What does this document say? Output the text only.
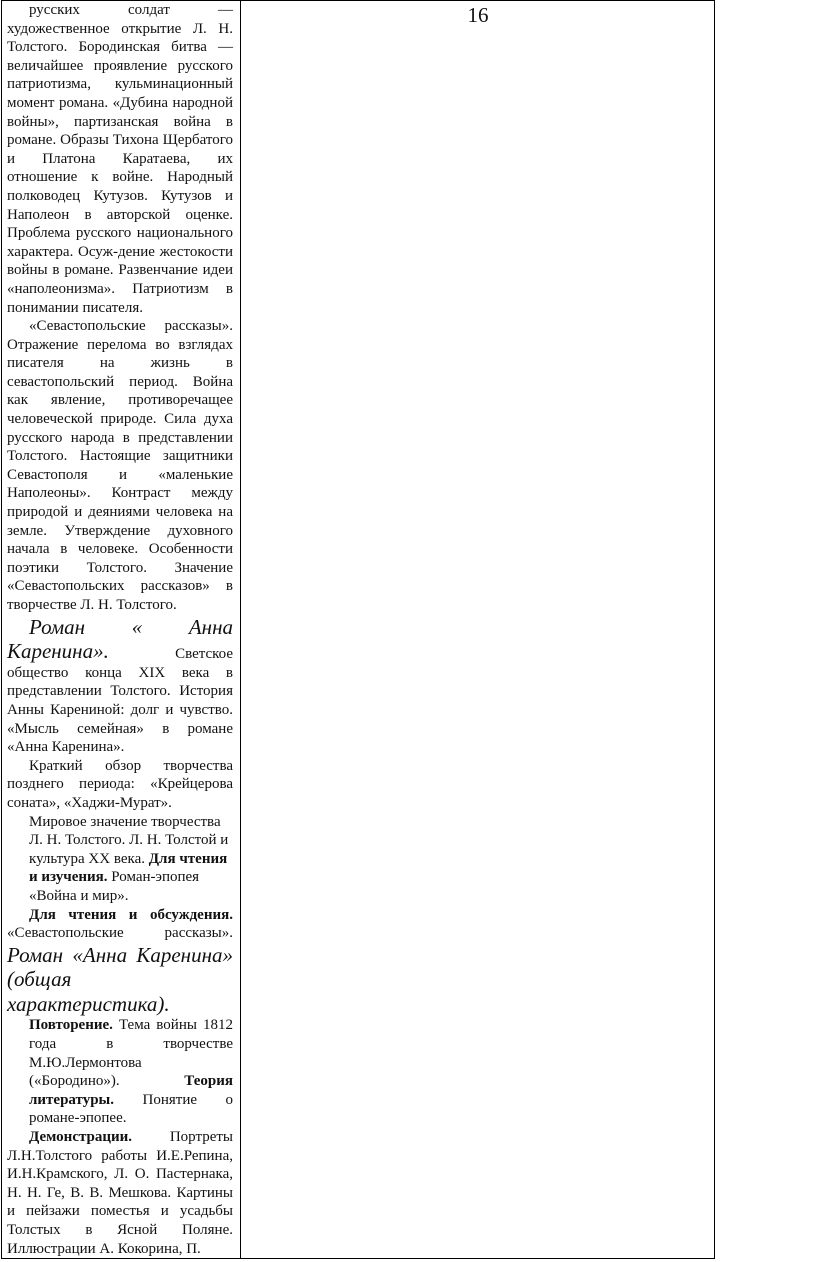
русских солдат — художественное открытие Л. Н. Толстого. Бородинская битва — величайшее проявление русского патриотизма, кульминационный момент романа. «Дубина народной войны», партизанская война в романе. Образы Тихона Щербатого и Платона Каратаева, их отношение к войне. Народный полководец Кутузов. Кутузов и Наполеон в авторской оценке. Проблема русского национального характера. Осуж-дение жестокости войны в романе. Развенчание идеи «наполеонизма». Патриотизм в понимании писателя.

«Севастопольские рассказы». Отражение перелома во взглядах писателя на жизнь в севастопольский период. Война как явление, противоречащее человеческой природе. Сила духа русского народа в представлении Толстого. Настоящие защитники Севастополя и «маленькие Наполеоны». Контраст между природой и деяниями человека на земле. Утверждение духовного начала в человеке. Особенности поэтики Толстого. Значение «Севастопольских рассказов» в творчестве Л. Н. Толстого.

Роман « Анна Каренина». Светское общество конца XIX века в представлении Толстого. История Анны Карениной: долг и чувство. «Мысль семейная» в романе «Анна Каренина».

Краткий обзор творчества позднего периода: «Крейцерова соната», «Хаджи-Мурат».

Мировое значение творчества Л. Н. Толстого. Л. Н. Толстой и культура XX века. Для чтения и изучения. Роман-эпопея «Война и мир».

Для чтения и обсуждения. «Севастопольские рассказы». Роман «Анна Каренина» (общая характеристика).

Повторение. Тема войны 1812 года в творчестве М.Ю.Лермонтова («Бородино»). Теория литературы. Понятие о романе-эпопее.

Демонстрации. Портреты Л.Н.Толстого работы И.Е.Репина, И.Н.Крамского, Л. О. Пастернака, Н. Н. Ге, В. В. Мешкова. Картины и пейзажи поместья и усадьбы Толстых в Ясной Поляне. Иллюстрации А. Кокорина, П.

16
